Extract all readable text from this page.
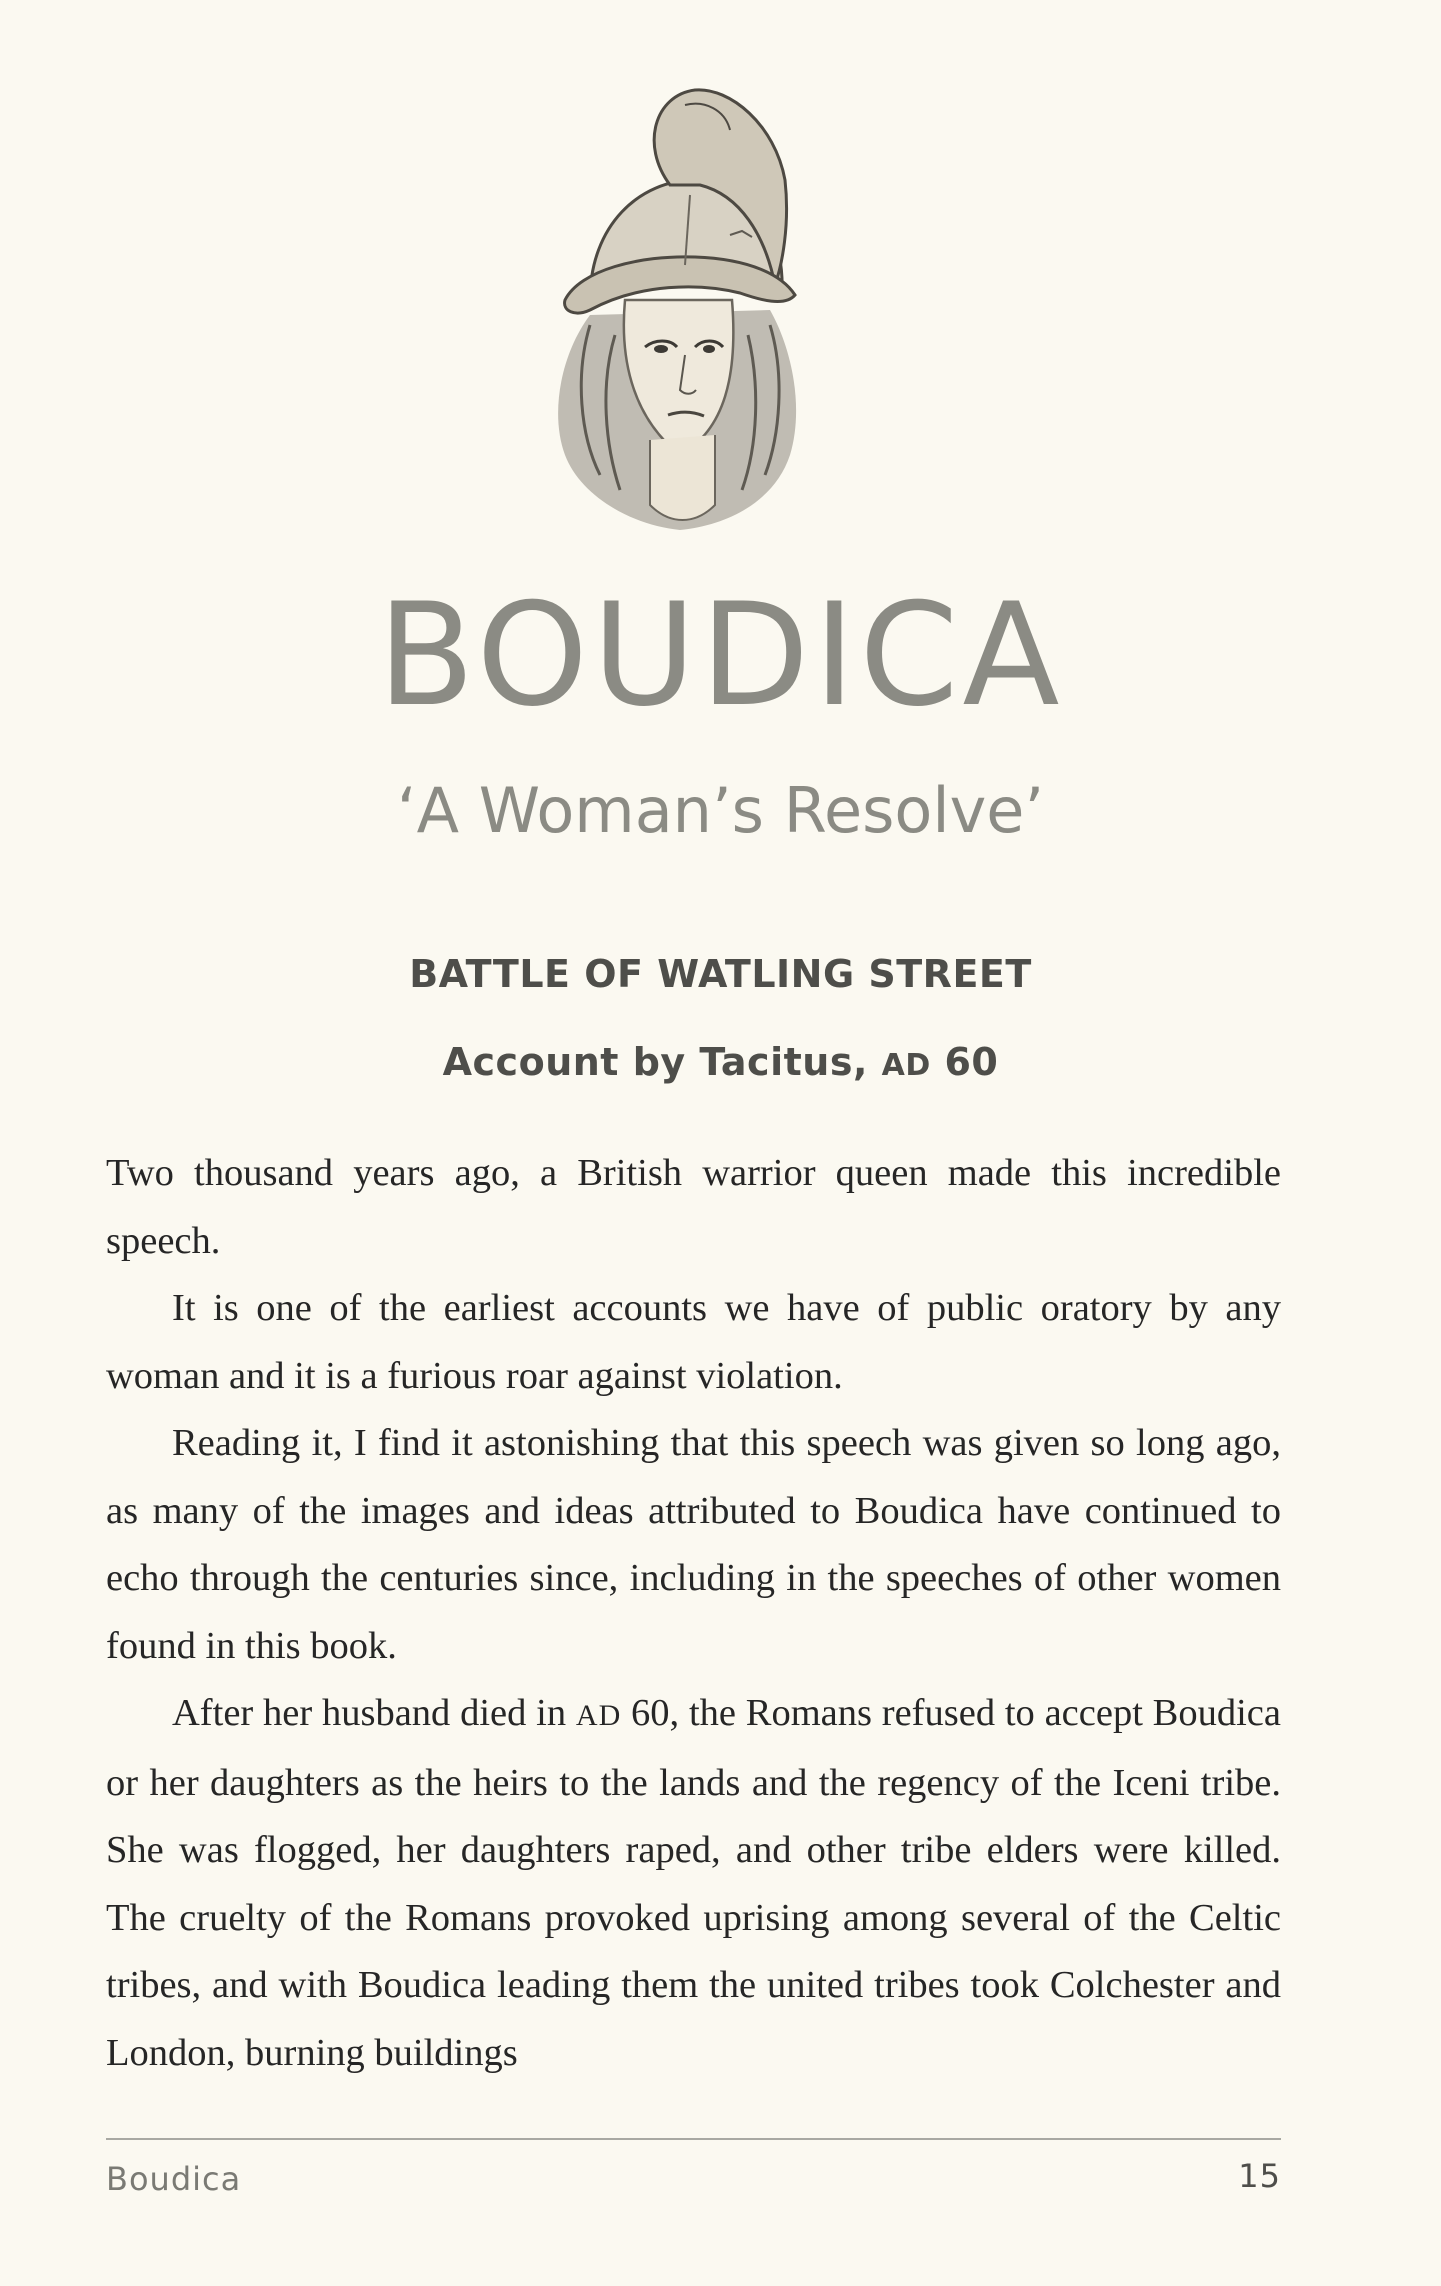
BOUDICA
‘A Woman’s Resolve’
BATTLE OF WATLING STREET
Account by Tacitus, AD 60

Two thousand years ago, a British warrior queen made this incredible speech.

It is one of the earliest accounts we have of public oratory by any woman and it is a furious roar against violation.

Reading it, I find it astonishing that this speech was given so long ago, as many of the images and ideas attributed to Boudica have continued to echo through the centuries since, including in the speeches of other women found in this book.

After her husband died in AD 60, the Romans refused to accept Boudica or her daughters as the heirs to the lands and the regency of the Iceni tribe. She was flogged, her daughters raped, and other tribe elders were killed. The cruelty of the Romans provoked uprising among several of the Celtic tribes, and with Boudica leading them the united tribes took Colchester and London, burning buildings

Boudica	15
